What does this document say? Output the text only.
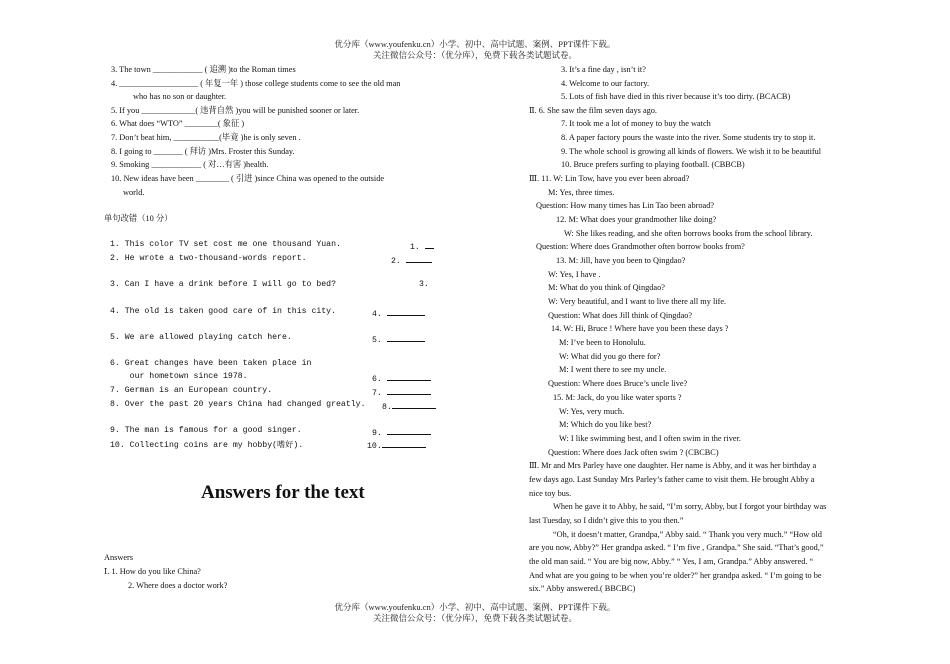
优分库（www.youfenku.cn）小学、初中、高中试题、案例、PPT课件下载。
关注微信公众号：（优分库），免费下载各类试题试卷。
3. The town ____________ ( 追溯 )to the Roman times
4. ___________________ ( 年复一年 ) those college students come to see the old man
who has no son or daughter.
5. If you _____________( 违背自然 )you will be punished sooner or later.
6. What does “WTO” ________( 象征 )
7. Don’t beat him, ___________(毕竟 )he is only seven .
8. I going to _______ ( 拜访 )Mrs. Froster this Sunday.
9. Smoking ____________ ( 对…有害 )health.
10. New ideas have been ________ ( 引进 )since China was opened to the outside
world.
单句改错（10 分）
1. This color TV set cost me one thousand Yuan.	1.
2. He wrote a two-thousand-words report.	2.
3. Can I have a drink before I will go to bed?	3.
4. The old is taken good care of in this city.	4.
5. We are allowed playing catch here.	5.
6. Great changes have been taken place in
our hometown since 1978.	6.
7. German is an European country.	7.
8. Over the past 20 years China had changed greatly. 8.
9. The man is famous for a good singer.	9.
10. Collecting coins are my hobby(嗜好).	10.
Answers for the text
Answers
Ⅰ. 1. How do you like China?
2. Where does a doctor work?
3. It’s a fine day , isn’t it?
4. Welcome to our factory.
5. Lots of fish have died in this river because it’s too dirty. (BCACB)
Ⅱ. 6. She saw the film seven days ago.
7. It took me a lot of money to buy the watch
8. A paper factory pours the waste into the river. Some students try to stop it.
9. The whole school is growing all kinds of flowers. We wish it to be beautiful
10. Bruce prefers surfing to playing football. (CBBCB)
Ⅲ. 11. W: Lin Tow, have you ever been abroad?
M: Yes, three times.
Question: How many times has Lin Tao been abroad?
12. M: What does your grandmother like doing?
W: She likes reading, and she often borrows books from the school library.
Question: Where does Grandmother often borrow books from?
13. M: Jill, have you been to Qingdao?
W: Yes, I have .
M: What do you think of Qingdao?
W: Very beautiful, and I want to live there all my life.
Question: What does Jill think of Qingdao?
14. W: Hi, Bruce ! Where have you been these days ?
M: I’ve been to Honolulu.
W: What did you go there for?
M: I went there to see my uncle.
Question: Where does Bruce’s uncle live?
15. M: Jack, do you like water sports ?
W: Yes, very much.
M: Which do you like best?
W: I like swimming best, and I often swim in the river.
Question: Where does Jack often swim ? (CBCBC)
Ⅲ. Mr and Mrs Parley have one daughter. Her name is Abby, and it was her birthday a
few days ago. Last Sunday Mrs Parley’s father came to visit them. He brought Abby a
nice toy bus.
When he gave it to Abby, he said, “I’m sorry, Abby, but I forgot your birthday was
last Tuesday, so I didn’t give this to you then.”
“Oh, it doesn’t matter, Grandpa,” Abby said. “ Thank you very much.” “How old
are you now, Abby?” Her grandpa asked. “ I’m five , Grandpa.” She said. “That’s good,”
the old man said. “ You are big now, Abby.” “ Yes, I am, Grandpa.” Abby answered. “
And what are you going to be when you’re older?” her grandpa asked. “ I’m going to be
six.” Abby answered.( BBCBC)
优分库（www.youfenku.cn）小学、初中、高中试题、案例、PPT课件下载。
关注微信公众号：（优分库），免费下载各类试题试卷。
